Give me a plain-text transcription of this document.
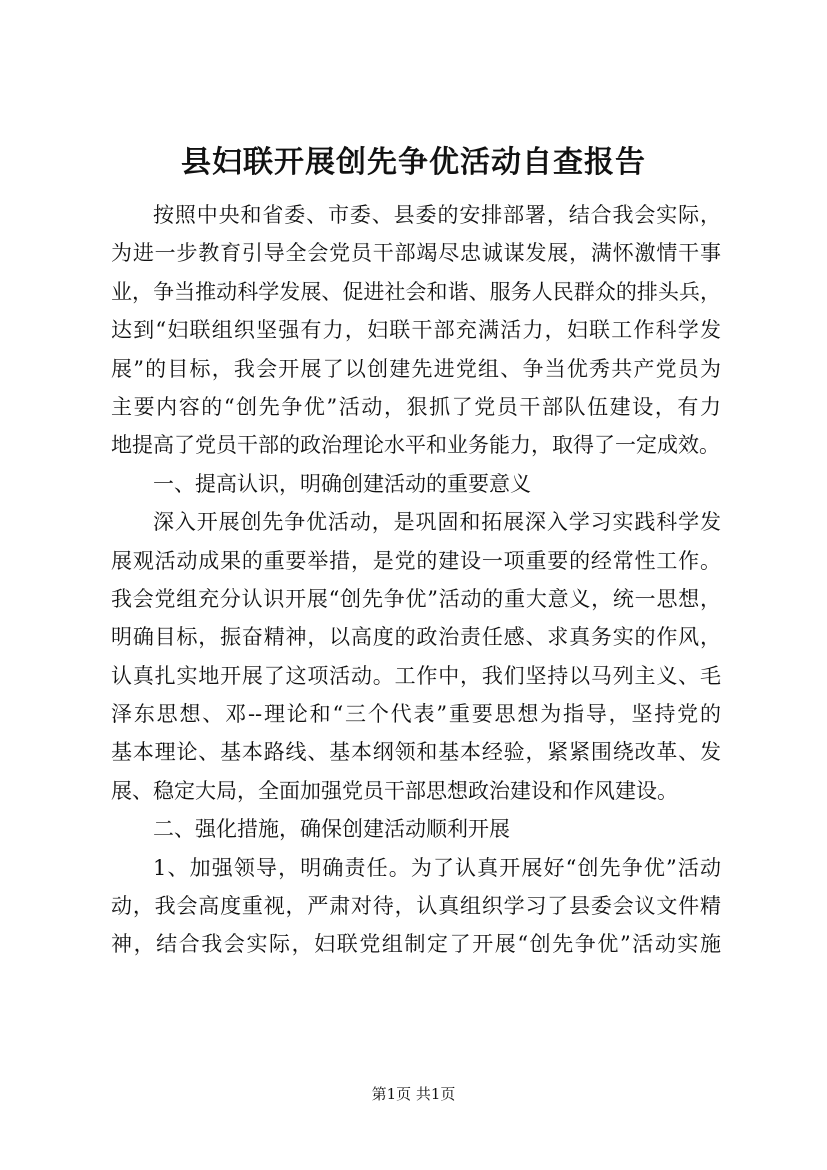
县妇联开展创先争优活动自查报告
按照中央和省委、市委、县委的安排部署，结合我会实际，
为进一步教育引导全会党员干部竭尽忠诚谋发展，满怀激情干事
业，争当推动科学发展、促进社会和谐、服务人民群众的排头兵，
达到“妇联组织坚强有力，妇联干部充满活力，妇联工作科学发
展”的目标，我会开展了以创建先进党组、争当优秀共产党员为
主要内容的“创先争优”活动，狠抓了党员干部队伍建设，有力
地提高了党员干部的政治理论水平和业务能力，取得了一定成效。
一、提高认识，明确创建活动的重要意义
深入开展创先争优活动，是巩固和拓展深入学习实践科学发
展观活动成果的重要举措，是党的建设一项重要的经常性工作。
我会党组充分认识开展“创先争优”活动的重大意义，统一思想，
明确目标，振奋精神，以高度的政治责任感、求真务实的作风，
认真扎实地开展了这项活动。工作中，我们坚持以马列主义、毛
泽东思想、邓--理论和“三个代表”重要思想为指导，坚持党的
基本理论、基本路线、基本纲领和基本经验，紧紧围绕改革、发
展、稳定大局，全面加强党员干部思想政治建设和作风建设。
二、强化措施，确保创建活动顺利开展
1、加强领导，明确责任。为了认真开展好“创先争优”活动
动，我会高度重视，严肃对待，认真组织学习了县委会议文件精
神，结合我会实际，妇联党组制定了开展“创先争优”活动实施
第1页 共1页
